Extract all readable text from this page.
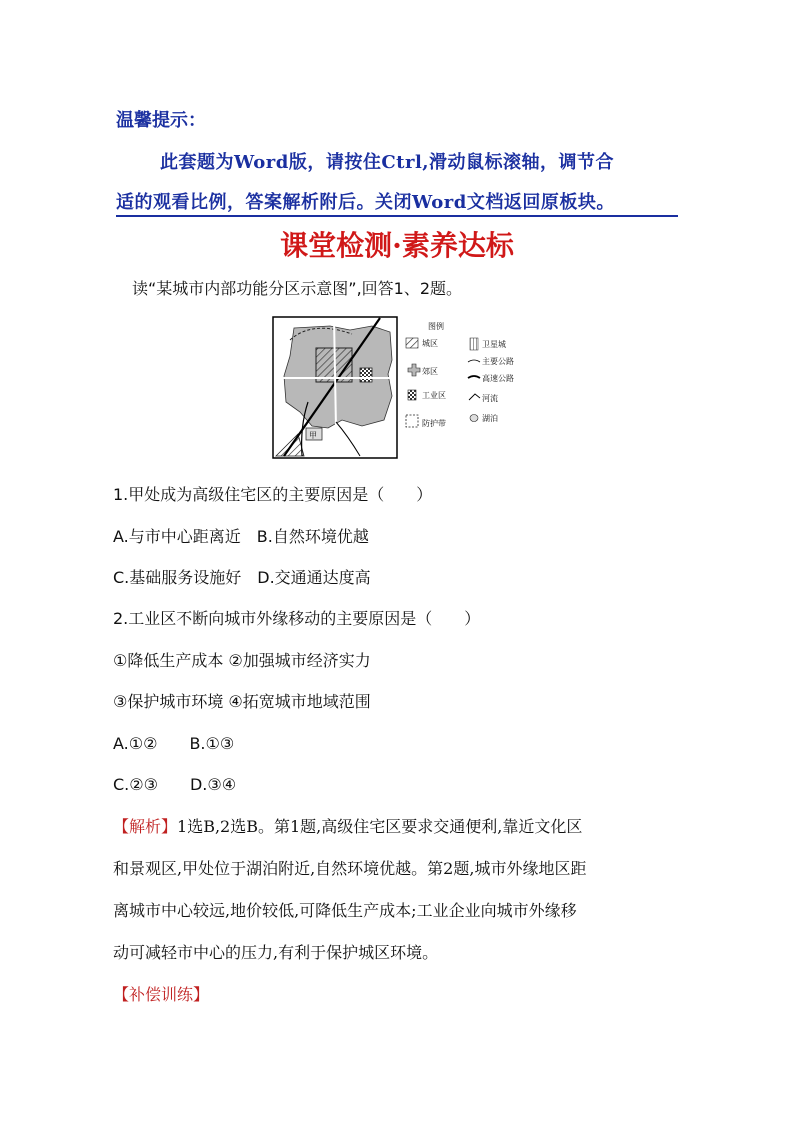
温馨提示：
此套题为Word版，请按住Ctrl,滑动鼠标滚轴，调节合
适的观看比例，答案解析附后。关闭Word文档返回原板块。
课堂检测·素养达标
读“某城市内部功能分区示意图”,回答1、2题。
甲
图例
城区
郊区
工业区
防护带
卫星城
主要公路
高速公路
河流
湖泊
1.甲处成为高级住宅区的主要原因是（　　）
A.与市中心距离近　B.自然环境优越
C.基础服务设施好　D.交通通达度高
2.工业区不断向城市外缘移动的主要原因是（　　）
①降低生产成本 ②加强城市经济实力
③保护城市环境 ④拓宽城市地域范围
A.①②　　B.①③
C.②③　　D.③④
【解析】1选B,2选B。第1题,高级住宅区要求交通便利,靠近文化区
和景观区,甲处位于湖泊附近,自然环境优越。第2题,城市外缘地区距
离城市中心较远,地价较低,可降低生产成本;工业企业向城市外缘移
动可减轻市中心的压力,有利于保护城区环境。
【补偿训练】
